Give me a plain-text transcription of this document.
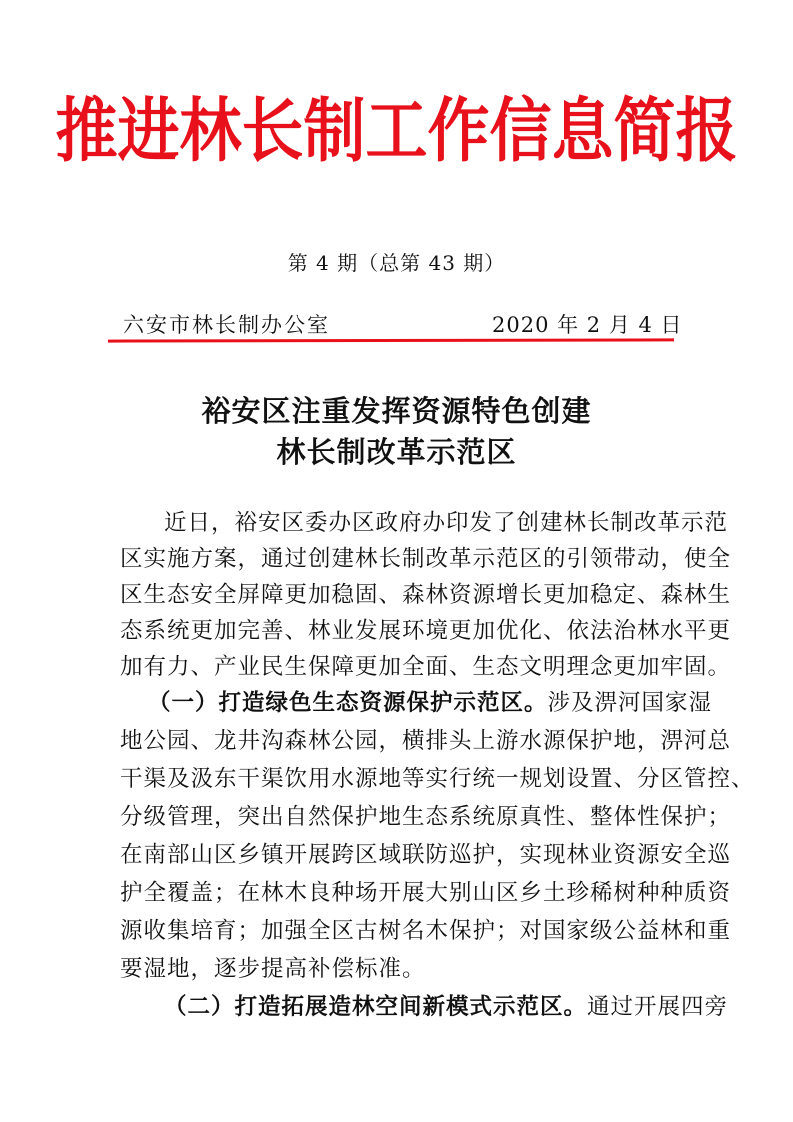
推进林长制工作信息简报
第 4 期（总第 43 期）
六安市林长制办公室	2020 年 2 月 4 日
裕安区注重发挥资源特色创建
林长制改革示范区
近日，裕安区委办区政府办印发了创建林长制改革示范
区实施方案，通过创建林长制改革示范区的引领带动，使全
区生态安全屏障更加稳固、森林资源增长更加稳定、森林生
态系统更加完善、林业发展环境更加优化、依法治林水平更
加有力、产业民生保障更加全面、生态文明理念更加牢固。
（一）打造绿色生态资源保护示范区。涉及淠河国家湿
地公园、龙井沟森林公园，横排头上游水源保护地，淠河总
干渠及汲东干渠饮用水源地等实行统一规划设置、分区管控、
分级管理，突出自然保护地生态系统原真性、整体性保护；
在南部山区乡镇开展跨区域联防巡护，实现林业资源安全巡
护全覆盖；在林木良种场开展大别山区乡土珍稀树种种质资
源收集培育；加强全区古树名木保护；对国家级公益林和重
要湿地，逐步提高补偿标准。
（二）打造拓展造林空间新模式示范区。通过开展四旁
